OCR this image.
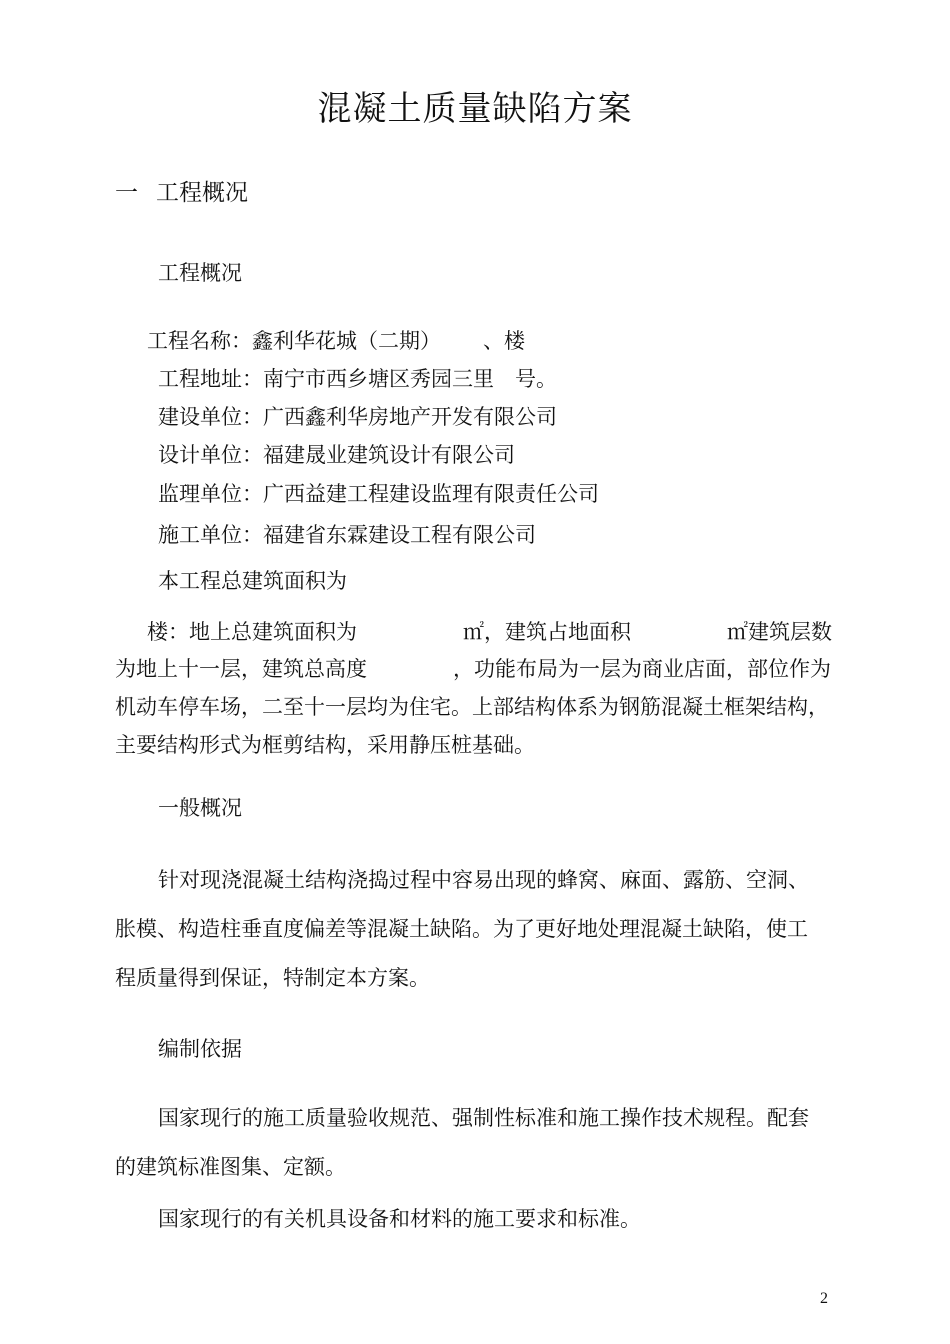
混凝土质量缺陷方案
一 工程概况
工程概况
工程名称：鑫利华花城（二期） 、楼
工程地址：南宁市西乡塘区秀园三里 号。
建设单位：广西鑫利华房地产开发有限公司
设计单位：福建晟业建筑设计有限公司
监理单位：广西益建工程建设监理有限责任公司
施工单位：福建省东霖建设工程有限公司
本工程总建筑面积为
楼：地上总建筑面积为	㎡，建筑占地面积	㎡建筑层数
为地上十一层，建筑总高度	，功能布局为一层为商业店面，部位作为
机动车停车场，二至十一层均为住宅。上部结构体系为钢筋混凝土框架结构，
主要结构形式为框剪结构，采用静压桩基础。
一般概况
针对现浇混凝土结构浇捣过程中容易出现的蜂窝、麻面、露筋、空洞、
胀模、构造柱垂直度偏差等混凝土缺陷。为了更好地处理混凝土缺陷，使工
程质量得到保证，特制定本方案。
编制依据
国家现行的施工质量验收规范、强制性标准和施工操作技术规程。配套
的建筑标准图集、定额。
国家现行的有关机具设备和材料的施工要求和标准。
2
